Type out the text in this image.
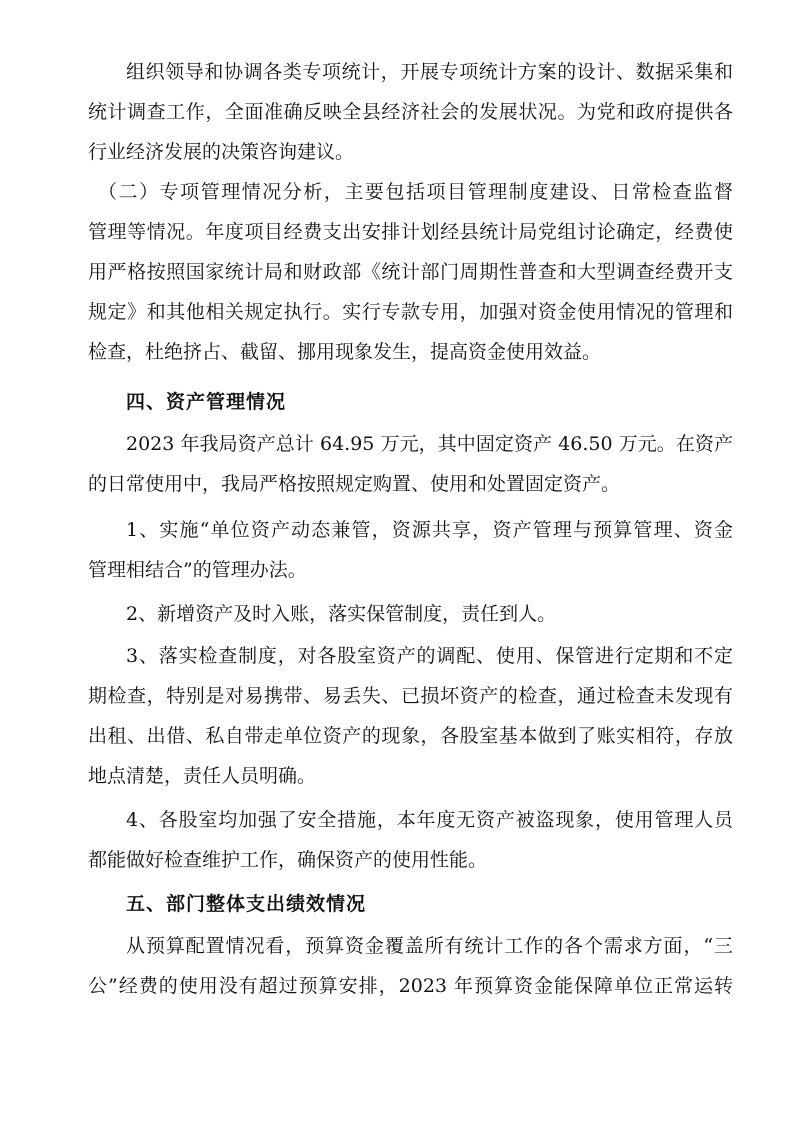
组织领导和协调各类专项统计，开展专项统计方案的设计、数据采集和
统计调查工作，全面准确反映全县经济社会的发展状况。为党和政府提供各
行业经济发展的决策咨询建议。
（二）专项管理情况分析，主要包括项目管理制度建设、日常检查监督
管理等情况。年度项目经费支出安排计划经县统计局党组讨论确定，经费使
用严格按照国家统计局和财政部《统计部门周期性普查和大型调查经费开支
规定》和其他相关规定执行。实行专款专用，加强对资金使用情况的管理和
检查，杜绝挤占、截留、挪用现象发生，提高资金使用效益。
四、资产管理情况
2023 年我局资产总计 64.95 万元，其中固定资产 46.50 万元。在资产
的日常使用中，我局严格按照规定购置、使用和处置固定资产。
1、实施“单位资产动态兼管，资源共享，资产管理与预算管理、资金
管理相结合”的管理办法。
2、新增资产及时入账，落实保管制度，责任到人。
3、落实检查制度，对各股室资产的调配、使用、保管进行定期和不定
期检查，特别是对易携带、易丢失、已损坏资产的检查，通过检查未发现有
出租、出借、私自带走单位资产的现象，各股室基本做到了账实相符，存放
地点清楚，责任人员明确。
4、各股室均加强了安全措施，本年度无资产被盗现象，使用管理人员
都能做好检查维护工作，确保资产的使用性能。
五、部门整体支出绩效情况
从预算配置情况看，预算资金覆盖所有统计工作的各个需求方面，“三
公”经费的使用没有超过预算安排，2023 年预算资金能保障单位正常运转
